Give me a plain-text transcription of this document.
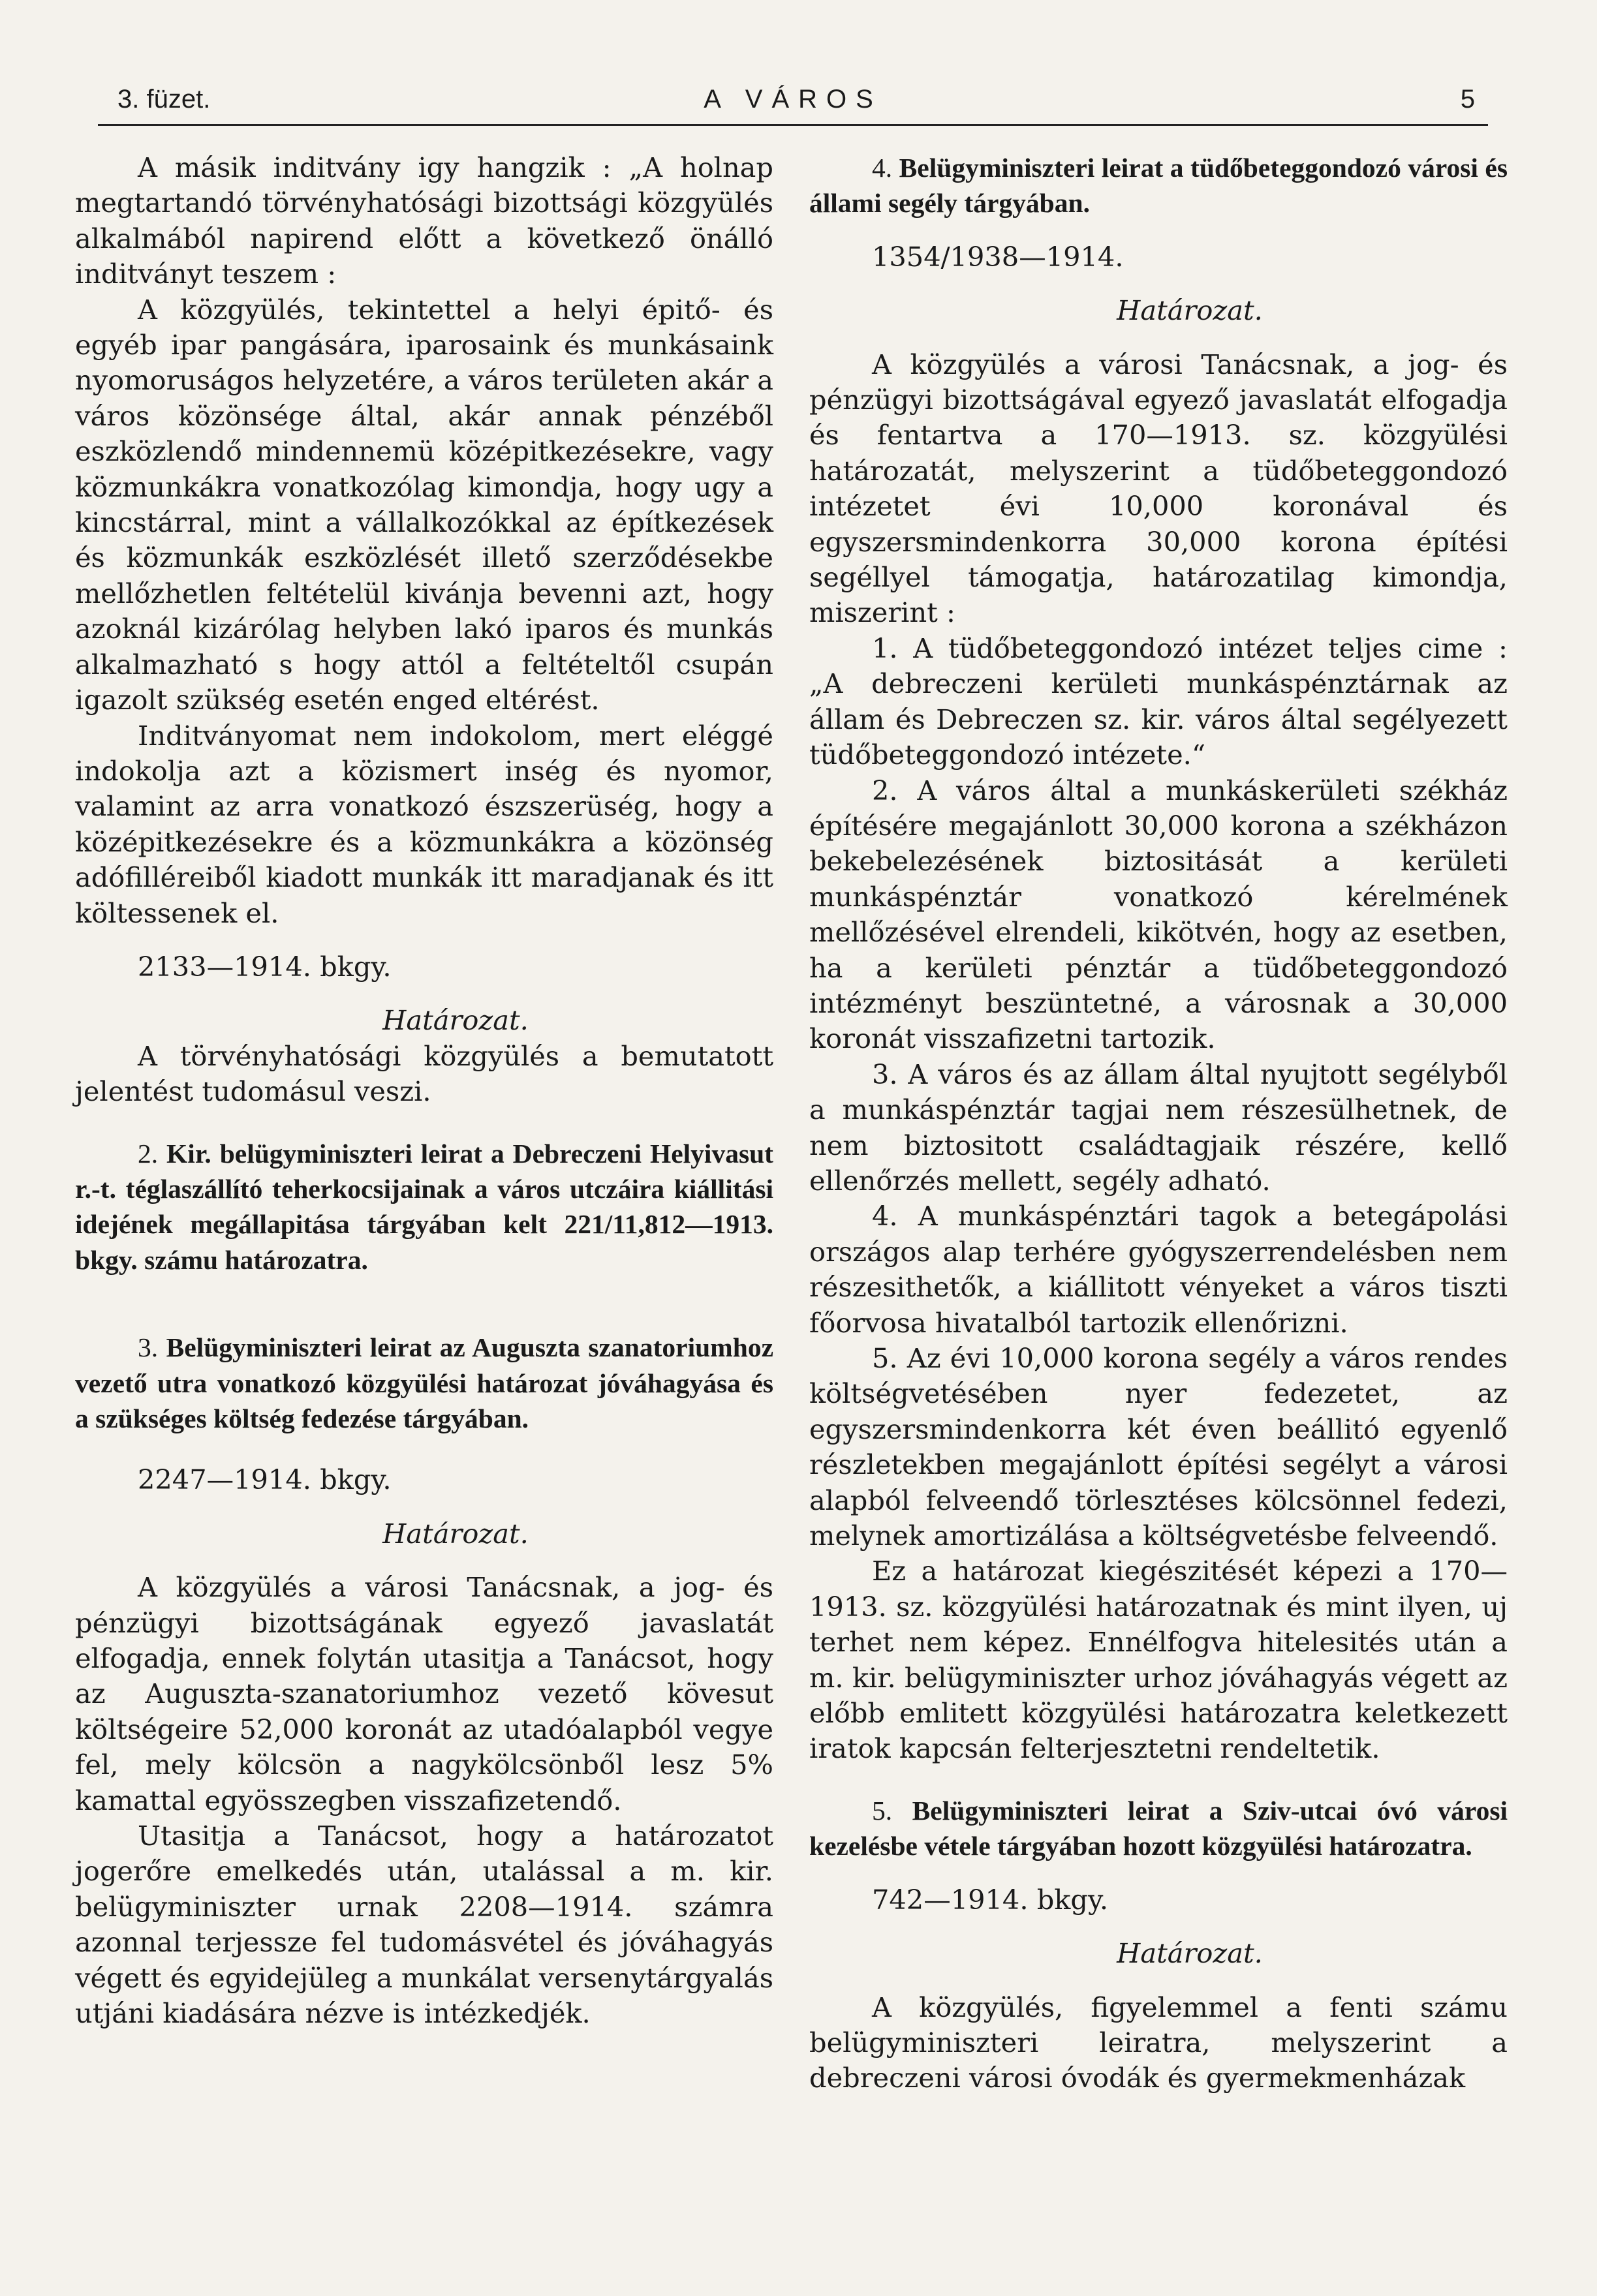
3. füzet.	A VÁROS	5

A másik inditvány igy hangzik : „A holnap megtartandó törvényhatósági bizottsági közgyülés alkalmából napirend előtt a következő önálló inditványt teszem :

A közgyülés, tekintettel a helyi épitő- és egyéb ipar pangására, iparosaink és munkásaink nyomoruságos helyzetére, a város területen akár a város közönsége által, akár annak pénzéből eszközlendő mindennemü középitkezésekre, vagy közmunkákra vonatkozólag kimondja, hogy ugy a kincstárral, mint a vállalkozókkal az építkezések és közmunkák eszközlését illető szerződésekbe mellőzhetlen feltételül kivánja bevenni azt, hogy azoknál kizárólag helyben lakó iparos és munkás alkalmazható s hogy attól a feltételtől csupán igazolt szükség esetén enged eltérést.

Inditványomat nem indokolom, mert eléggé indokolja azt a közismert inség és nyomor, valamint az arra vonatkozó észszerüség, hogy a középitkezésekre és a közmunkákra a közönség adófilléreiből kiadott munkák itt maradjanak és itt költessenek el.

2133—1914. bkgy.

Határozat.

A törvényhatósági közgyülés a bemutatott jelentést tudomásul veszi.

2. Kir. belügyminiszteri leirat a Debreczeni Helyivasut r.-t. téglaszállító teherkocsijainak a város utczáira kiállitási idejének megállapitása tárgyában kelt 221/11,812—1913. bkgy. számu határozatra.

3. Belügyminiszteri leirat az Auguszta szanatoriumhoz vezető utra vonatkozó közgyülési határozat jóváhagyása és a szükséges költség fedezése tárgyában.

2247—1914. bkgy.

Határozat.

A közgyülés a városi Tanácsnak, a jog- és pénzügyi bizottságának egyező javaslatát elfogadja, ennek folytán utasitja a Tanácsot, hogy az Auguszta-szanatoriumhoz vezető kövesut költségeire 52,000 koronát az utadóalapból vegye fel, mely kölcsön a nagykölcsönből lesz 5% kamattal egyösszegben visszafizetendő.

Utasitja a Tanácsot, hogy a határozatot jogerőre emelkedés után, utalással a m. kir. belügyminiszter urnak 2208—1914. számra azonnal terjessze fel tudomásvétel és jóváhagyás végett és egyidejüleg a munkálat versenytárgyalás utjáni kiadására nézve is intézkedjék.

4. Belügyminiszteri leirat a tüdőbeteggondozó városi és állami segély tárgyában.

1354/1938—1914.

Határozat.

A közgyülés a városi Tanácsnak, a jog- és pénzügyi bizottságával egyező javaslatát elfogadja és fentartva a 170—1913. sz. közgyülési határozatát, melyszerint a tüdőbeteggondozó intézetet évi 10,000 koronával és egyszersmindenkorra 30,000 korona építési segéllyel támogatja, határozatilag kimondja, miszerint :

1. A tüdőbeteggondozó intézet teljes cime : „A debreczeni kerületi munkáspénztárnak az állam és Debreczen sz. kir. város által segélyezett tüdőbeteggondozó intézete.“

2. A város által a munkáskerületi székház építésére megajánlott 30,000 korona a székházon bekebelezésének biztositását a kerületi munkáspénztár vonatkozó kérelmének mellőzésével elrendeli, kikötvén, hogy az esetben, ha a kerületi pénztár a tüdőbeteggondozó intézményt beszüntetné, a városnak a 30,000 koronát visszafizetni tartozik.

3. A város és az állam által nyujtott segélyből a munkáspénztár tagjai nem részesülhetnek, de nem biztositott családtagjaik részére, kellő ellenőrzés mellett, segély adható.

4. A munkáspénztári tagok a betegápolási országos alap terhére gyógyszerrendelésben nem részesithetők, a kiállitott vényeket a város tiszti főorvosa hivatalból tartozik ellenőrizni.

5. Az évi 10,000 korona segély a város rendes költségvetésében nyer fedezetet, az egyszersmindenkorra két éven beállitó egyenlő részletekben megajánlott építési segélyt a városi alapból felveendő törlesztéses kölcsönnel fedezi, melynek amortizálása a költségvetésbe felveendő.

Ez a határozat kiegészitését képezi a 170—1913. sz. közgyülési határozatnak és mint ilyen, uj terhet nem képez. Ennélfogva hitelesités után a m. kir. belügyminiszter urhoz jóváhagyás végett az előbb emlitett közgyülési határozatra keletkezett iratok kapcsán felterjesztetni rendeltetik.

5. Belügyminiszteri leirat a Sziv-utcai óvó városi kezelésbe vétele tárgyában hozott közgyülési határozatra.

742—1914. bkgy.

Határozat.

A közgyülés, figyelemmel a fenti számu belügyminiszteri leiratra, melyszerint a debreczeni városi óvodák és gyermekmenházak
